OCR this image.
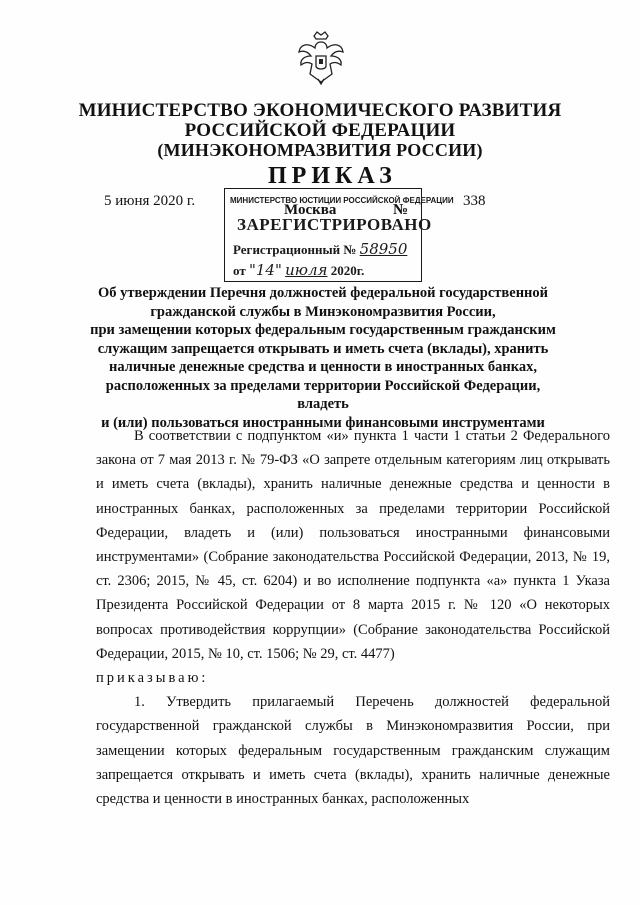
МИНИСТЕРСТВО ЭКОНОМИЧЕСКОГО РАЗВИТИЯ
РОССИЙСКОЙ ФЕДЕРАЦИИ
(МИНЭКОНОМРАЗВИТИЯ РОССИИ)
ПРИКАЗ
5 июня 2020 г.
Москва	№
338
МИНИСТЕРСТВО ЮСТИЦИИ РОССИЙСКОЙ ФЕДЕРАЦИИ
ЗАРЕГИСТРИРОВАНО
Регистрационный № 58950
от "14" июля 2020г.
Об утверждении Перечня должностей федеральной государственной
гражданской службы в Минэкономразвития России,
при замещении которых федеральным государственным гражданским
служащим запрещается открывать и иметь счета (вклады), хранить
наличные денежные средства и ценности в иностранных банках,
расположенных за пределами территории Российской Федерации, владеть
и (или) пользоваться иностранными финансовыми инструментами

В соответствии с подпунктом «и» пункта 1 части 1 статьи 2 Федерального закона от 7 мая 2013 г. № 79-ФЗ «О запрете отдельным категориям лиц открывать и иметь счета (вклады), хранить наличные денежные средства и ценности в иностранных банках, расположенных за пределами территории Российской Федерации, владеть и (или) пользоваться иностранными финансовыми инструментами» (Собрание законодательства Российской Федерации, 2013, № 19, ст. 2306; 2015, № 45, ст. 6204) и во исполнение подпункта «а» пункта 1 Указа Президента Российской Федерации от 8 марта 2015 г. № 120 «О некоторых вопросах противодействия коррупции» (Собрание законодательства Российской Федерации, 2015, № 10, ст. 1506; № 29, ст. 4477)

приказываю:

1. Утвердить прилагаемый Перечень должностей федеральной государственной гражданской службы в Минэкономразвития России, при замещении которых федеральным государственным гражданским служащим запрещается открывать и иметь счета (вклады), хранить наличные денежные средства и ценности в иностранных банках, расположенных
